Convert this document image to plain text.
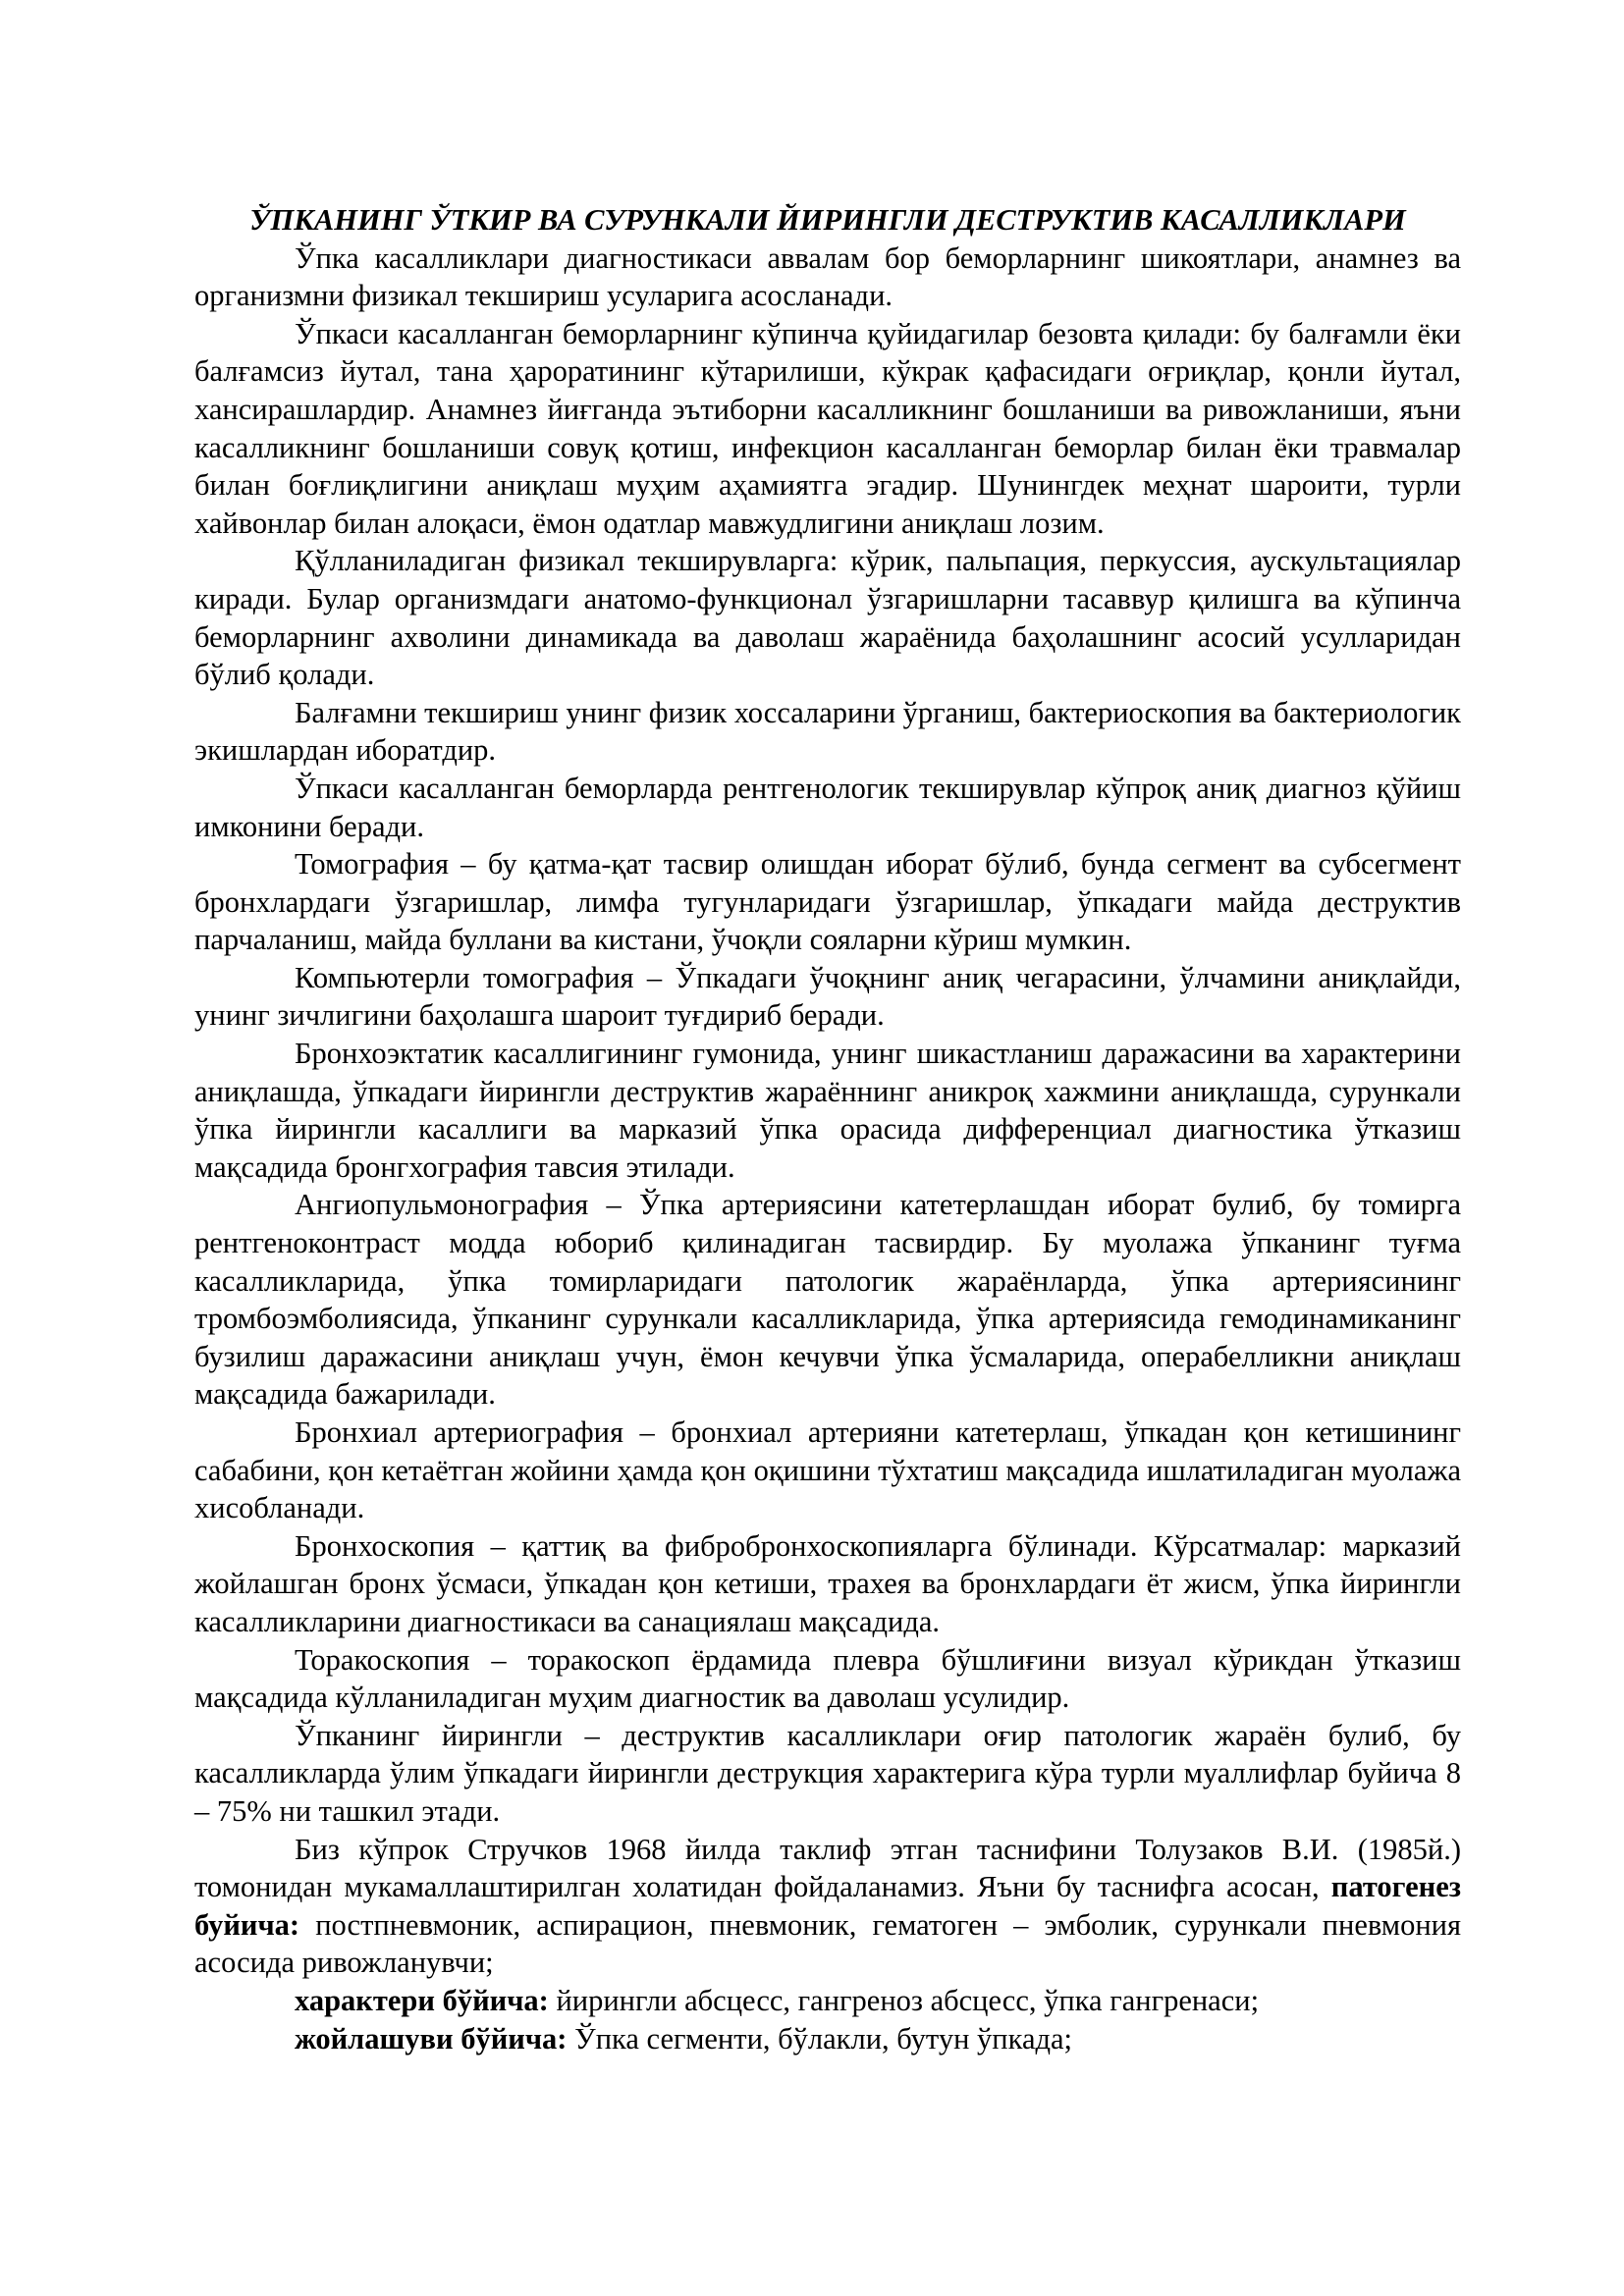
ЎПКАНИНГ ЎТКИР ВА СУРУНКАЛИ ЙИРИНГЛИ ДЕСТРУКТИВ КАСАЛЛИКЛАРИ

Ўпка касалликлари диагностикаси аввалам бор беморларнинг шикоятлари, анамнез ва организмни физикал текшириш усуларига асосланади.

Ўпкаси касалланган беморларнинг кўпинча қуйидагилар безовта қилади: бу балғамли ёки балғамсиз йутал, тана ҳароратининг кўтарилиши, кўкрак қафасидаги оғриқлар, қонли йутал, хансирашлардир. Анамнез йиғганда эътиборни касалликнинг бошланиши ва ривожланиши, яъни касалликнинг бошланиши совуқ қотиш, инфекцион касалланган беморлар билан ёки травмалар билан боғлиқлигини аниқлаш муҳим аҳамиятга эгадир. Шунингдек меҳнат шароити, турли хайвонлар билан алоқаси, ёмон одатлар мавжудлигини аниқлаш лозим.

Қўлланиладиган физикал текширувларга: кўрик, пальпация, перкуссия, аускультациялар киради. Булар организмдаги анатомо-функционал ўзгаришларни тасаввур қилишга ва кўпинча беморларнинг ахволини динамикада ва даволаш жараёнида баҳолашнинг асосий усулларидан бўлиб қолади.

Балғамни текшириш унинг физик хоссаларини ўрганиш, бактериоскопия ва бактериологик экишлардан иборатдир.

Ўпкаси касалланган беморларда рентгенологик текширувлар кўпроқ аниқ диагноз қўйиш имконини беради.

Томография – бу қатма-қат тасвир олишдан иборат бўлиб, бунда сегмент ва субсегмент бронхлардаги ўзгаришлар, лимфа тугунларидаги ўзгаришлар, ўпкадаги майда деструктив парчаланиш, майда буллани ва кистани, ўчоқли сояларни кўриш мумкин.

Компьютерли томография – Ўпкадаги ўчоқнинг аниқ чегарасини, ўлчамини аниқлайди, унинг зичлигини баҳолашга шароит туғдириб беради.

Бронхоэктатик касаллигининг гумонида, унинг шикастланиш даражасини ва характерини аниқлашда, ўпкадаги йирингли деструктив жараённинг аникроқ хажмини аниқлашда, сурункали ўпка йирингли касаллиги ва марказий ўпка орасида дифференциал диагностика ўтказиш мақсадида бронгхография тавсия этилади.

Ангиопульмонография – Ўпка артериясини катетерлашдан иборат булиб, бу томирга рентгеноконтраст модда юбориб қилинадиган тасвирдир. Бу муолажа ўпканинг туғма касалликларида, ўпка томирларидаги патологик жараёнларда, ўпка артериясининг тромбоэмболиясида, ўпканинг сурункали касалликларида, ўпка артериясида гемодинамиканинг бузилиш даражасини аниқлаш учун, ёмон кечувчи ўпка ўсмаларида, операбелликни аниқлаш мақсадида бажарилади.

Бронхиал артериография – бронхиал артерияни катетерлаш, ўпкадан қон кетишининг сабабини, қон кетаётган жойини ҳамда қон оқишини тўхтатиш мақсадида ишлатиладиган муолажа хисобланади.

Бронхоскопия – қаттиқ ва фибробронхоскопияларга бўлинади. Кўрсатмалар: марказий жойлашган бронх ўсмаси, ўпкадан қон кетиши, трахея ва бронхлардаги ёт жисм, ўпка йирингли касалликларини диагностикаси ва санациялаш мақсадида.

Торакоскопия – торакоскоп ёрдамида плевра бўшлиғини визуал кўрикдан ўтказиш мақсадида кўлланиладиган муҳим диагностик ва даволаш усулидир.

Ўпканинг йирингли – деструктив касалликлари оғир патологик жараён булиб, бу касалликларда ўлим ўпкадаги йирингли деструкция характерига кўра турли муаллифлар буйича 8 – 75% ни ташкил этади.

Биз кўпрок Стручков 1968 йилда таклиф этган таснифини Толузаков В.И. (1985й.) томонидан мукамаллаштирилган холатидан фойдаланамиз. Яъни бу таснифга асосан, патогенез буйича: постпневмоник, аспирацион, пневмоник, гематоген – эмболик, сурункали пневмония асосида ривожланувчи;

характери бўйича: йирингли абсцесс, гангреноз абсцесс, ўпка гангренаси;

жойлашуви бўйича: Ўпка сегменти, бўлакли, бутун ўпкада;
